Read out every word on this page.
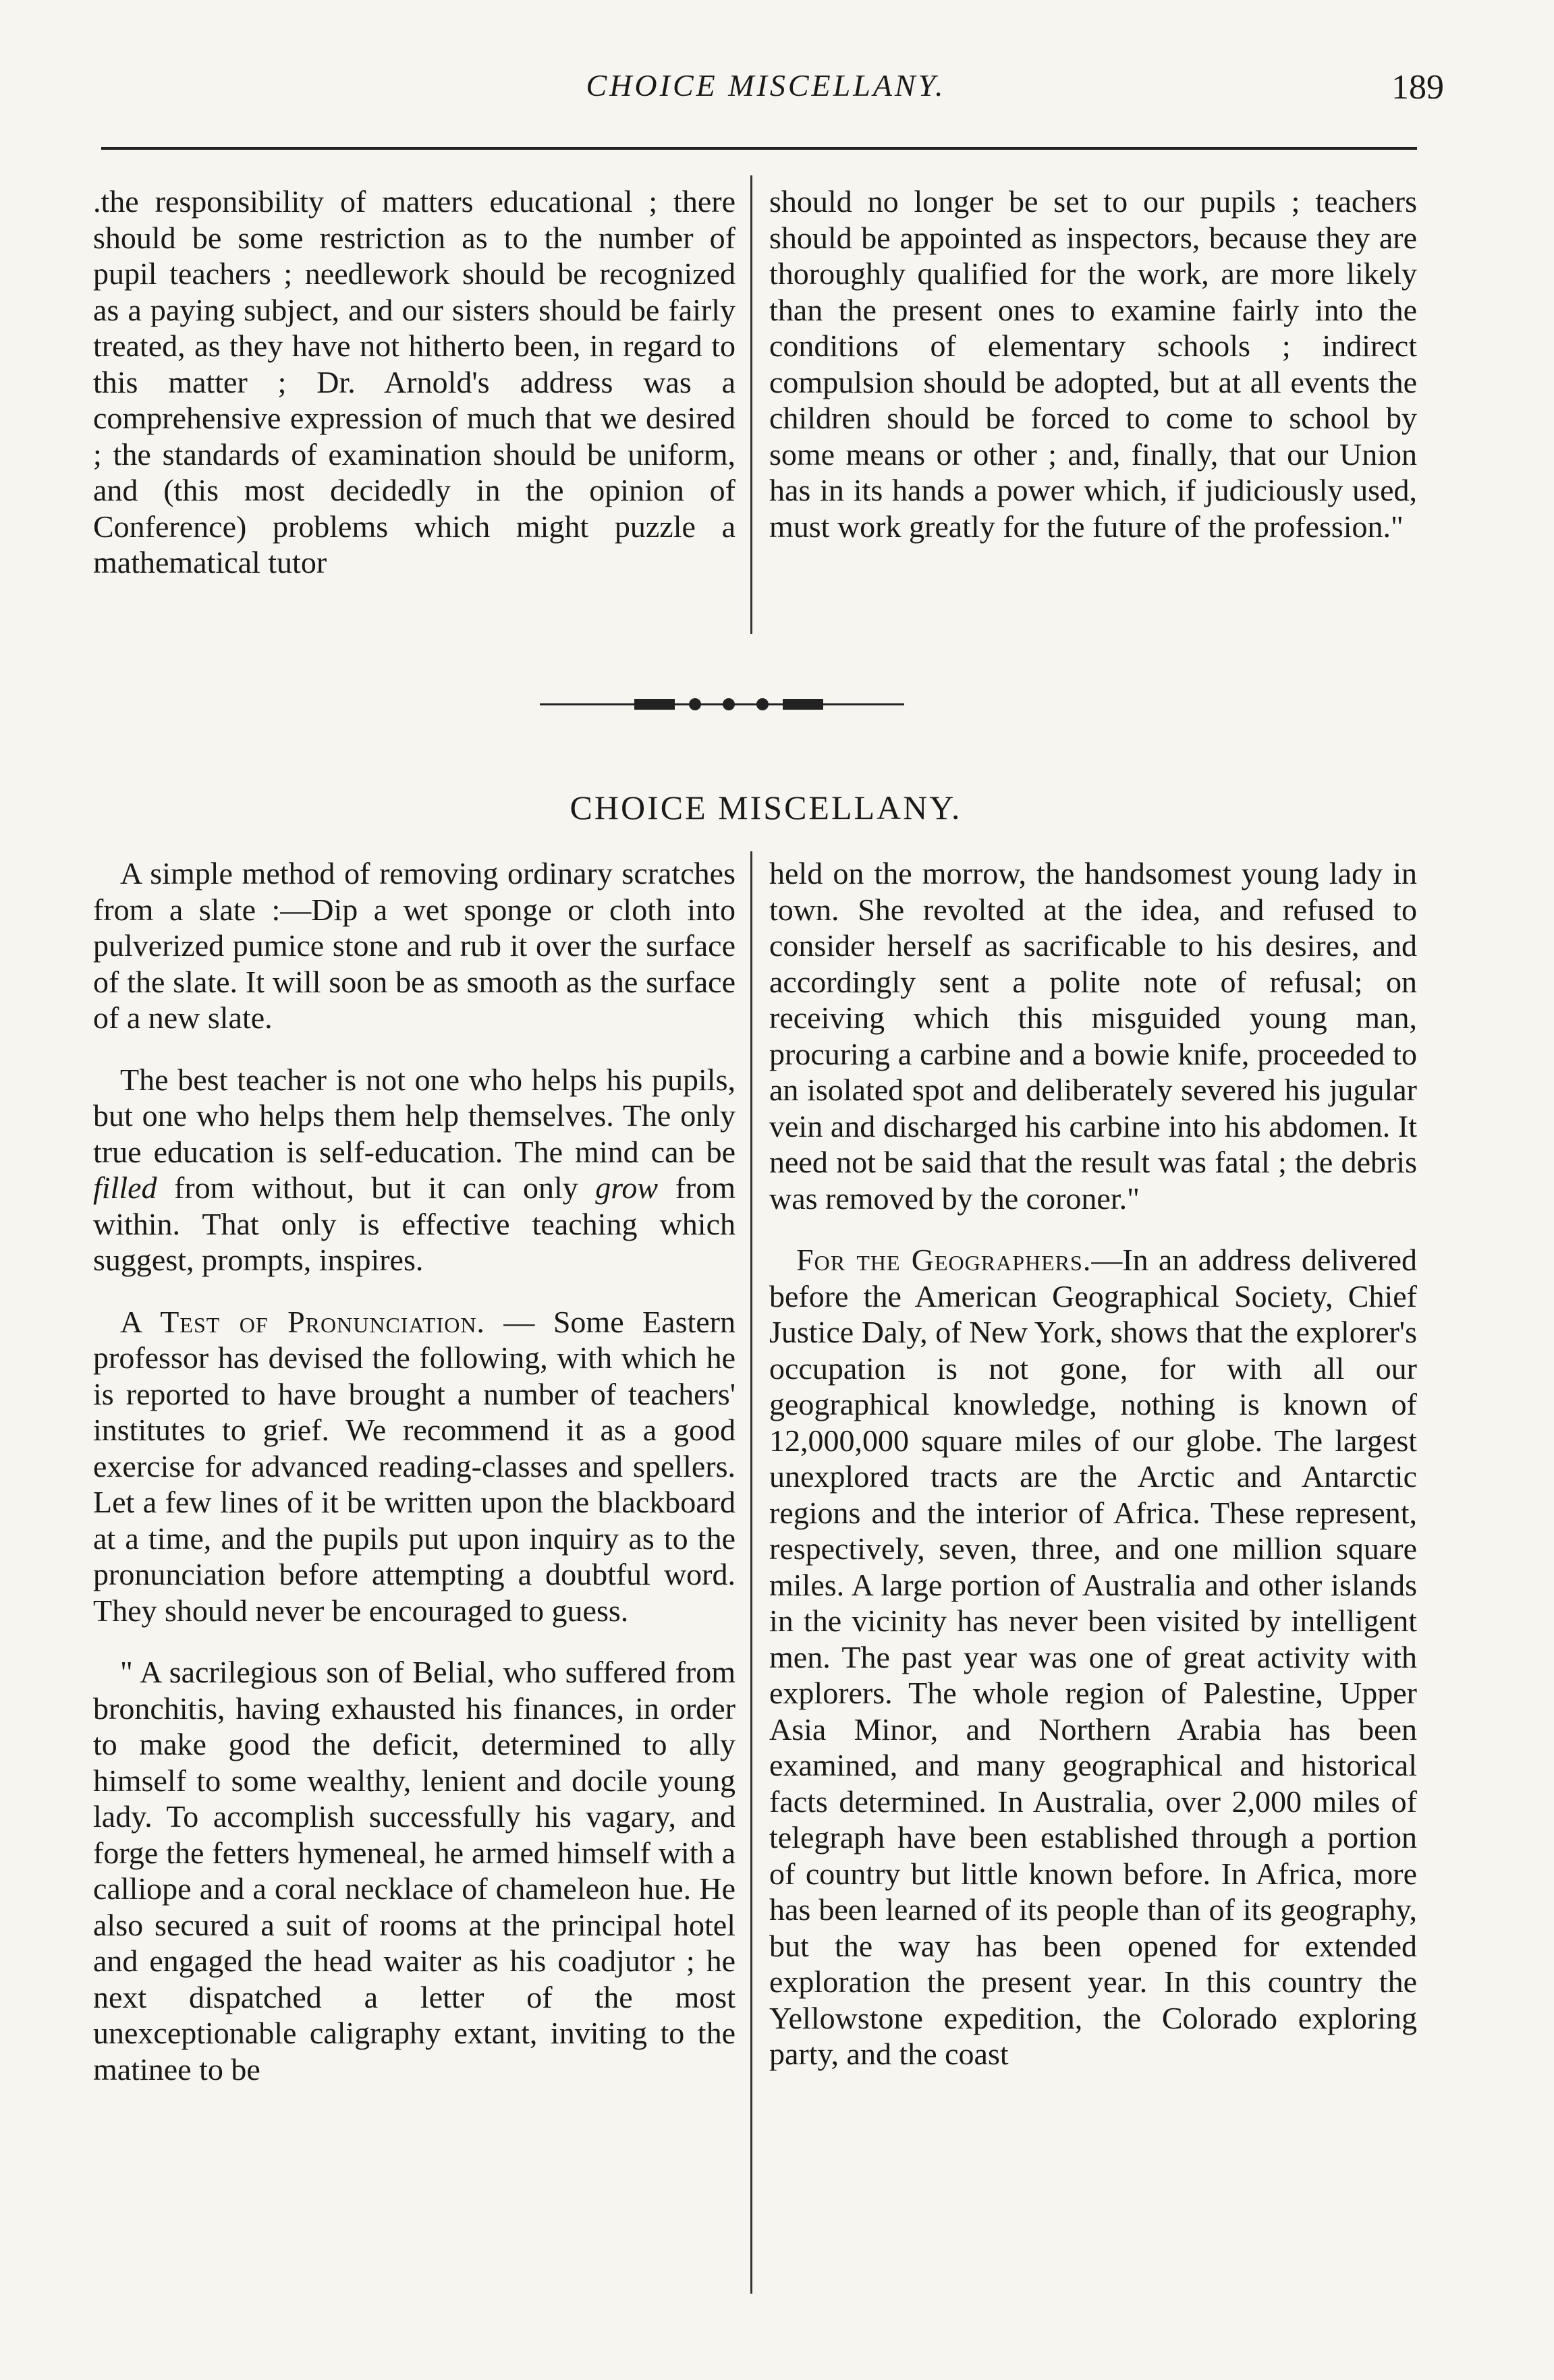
CHOICE MISCELLANY.	189

.the responsibility of matters educational ; there should be some restriction as to the number of pupil teachers ; needlework should be recognized as a paying subject, and our sisters should be fairly treated, as they have not hitherto been, in regard to this matter ; Dr. Arnold's address was a comprehensive expression of much that we desired ; the standards of examination should be uniform, and (this most decidedly in the opinion of Conference) problems which might puzzle a mathematical tutor

should no longer be set to our pupils ; teachers should be appointed as inspectors, because they are thoroughly qualified for the work, are more likely than the present ones to examine fairly into the conditions of elementary schools ; indirect compulsion should be adopted, but at all events the children should be forced to come to school by some means or other ; and, finally, that our Union has in its hands a power which, if judiciously used, must work greatly for the future of the profession."

CHOICE MISCELLANY.

A simple method of removing ordinary scratches from a slate :—Dip a wet sponge or cloth into pulverized pumice stone and rub it over the surface of the slate. It will soon be as smooth as the surface of a new slate.

The best teacher is not one who helps his pupils, but one who helps them help themselves. The only true education is self-education. The mind can be filled from without, but it can only grow from within. That only is effective teaching which suggest, prompts, inspires.

A Test of Pronunciation. — Some Eastern professor has devised the following, with which he is reported to have brought a number of teachers' institutes to grief. We recommend it as a good exercise for advanced reading-classes and spellers. Let a few lines of it be written upon the blackboard at a time, and the pupils put upon inquiry as to the pronunciation before attempting a doubtful word. They should never be encouraged to guess.

" A sacrilegious son of Belial, who suffered from bronchitis, having exhausted his finances, in order to make good the deficit, determined to ally himself to some wealthy, lenient and docile young lady. To accomplish successfully his vagary, and forge the fetters hymeneal, he armed himself with a calliope and a coral necklace of chameleon hue. He also secured a suit of rooms at the principal hotel and engaged the head waiter as his coadjutor ; he next dispatched a letter of the most unexceptionable caligraphy extant, inviting to the matinee to be

held on the morrow, the handsomest young lady in town. She revolted at the idea, and refused to consider herself as sacrificable to his desires, and accordingly sent a polite note of refusal; on receiving which this misguided young man, procuring a carbine and a bowie knife, proceeded to an isolated spot and deliberately severed his jugular vein and discharged his carbine into his abdomen. It need not be said that the result was fatal ; the debris was removed by the coroner."

For the Geographers.—In an address delivered before the American Geographical Society, Chief Justice Daly, of New York, shows that the explorer's occupation is not gone, for with all our geographical knowledge, nothing is known of 12,000,000 square miles of our globe. The largest unexplored tracts are the Arctic and Antarctic regions and the interior of Africa. These represent, respectively, seven, three, and one million square miles. A large portion of Australia and other islands in the vicinity has never been visited by intelligent men. The past year was one of great activity with explorers. The whole region of Palestine, Upper Asia Minor, and Northern Arabia has been examined, and many geographical and historical facts determined. In Australia, over 2,000 miles of telegraph have been established through a portion of country but little known before. In Africa, more has been learned of its people than of its geography, but the way has been opened for extended exploration the present year. In this country the Yellowstone expedition, the Colorado exploring party, and the coast
